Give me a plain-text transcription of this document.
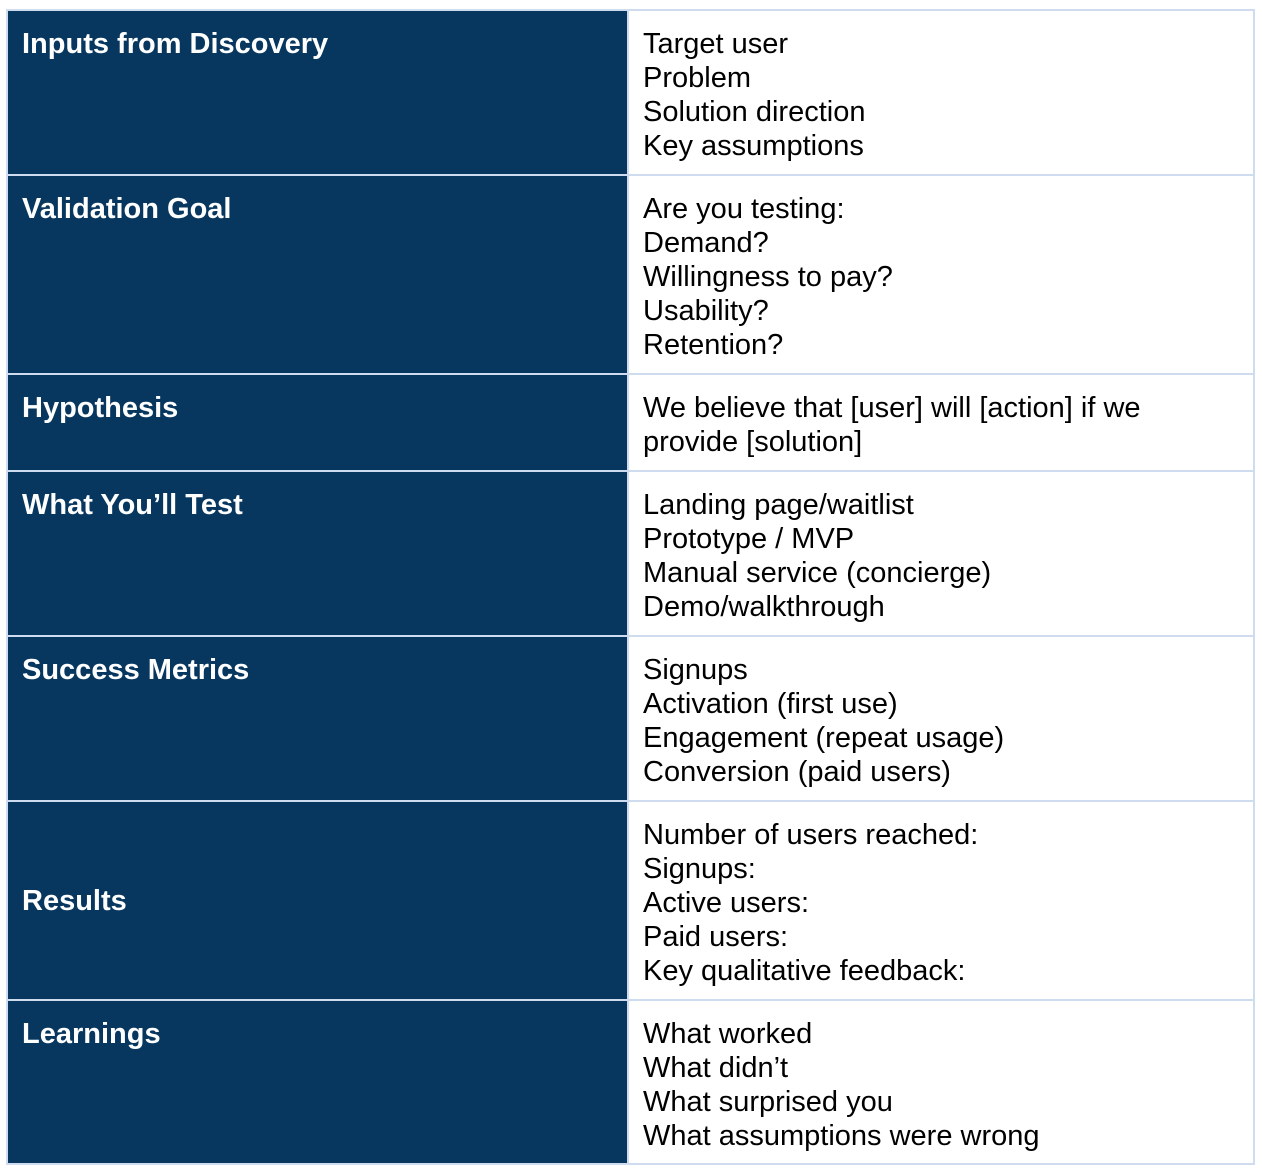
Inputs from Discovery	Target user
Problem
Solution direction
Key assumptions

Validation Goal	Are you testing:
Demand?
Willingness to pay?
Usability?
Retention?

Hypothesis	We believe that [user] will [action] if we provide [solution]

What You’ll Test	Landing page/waitlist
Prototype / MVP
Manual service (concierge)
Demo/walkthrough

Success Metrics	Signups
Activation (first use)
Engagement (repeat usage)
Conversion (paid users)

Results	Number of users reached:
Signups:
Active users:
Paid users:
Key qualitative feedback:

Learnings	What worked
What didn’t
What surprised you
What assumptions were wrong
